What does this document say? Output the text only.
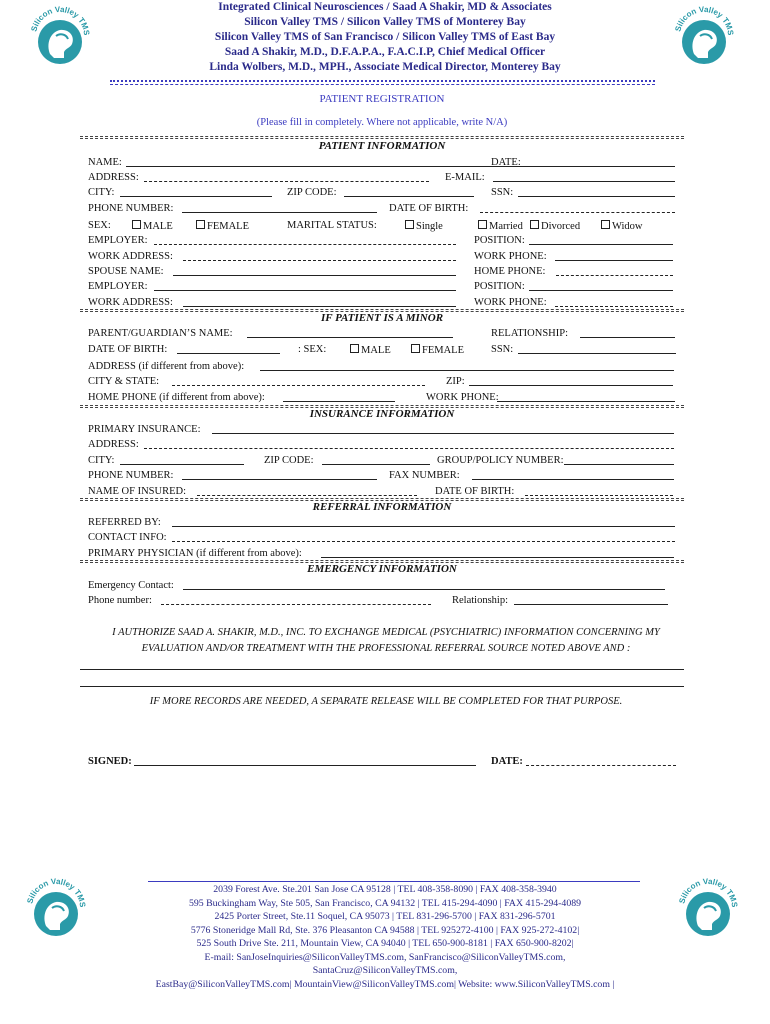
Silicon Valley TMS
Silicon Valley TMS
Silicon Valley TMS
Silicon Valley TMS
Integrated Clinical Neurosciences / Saad A Shakir, MD & Associates
Silicon Valley TMS / Silicon Valley TMS of Monterey Bay
Silicon Valley TMS of San Francisco / Silicon Valley TMS of East Bay
Saad A Shakir, M.D., D.F.A.P.A., F.A.C.I.P, Chief Medical Officer
Linda Wolbers, M.D., MPH., Associate Medical Director, Monterey Bay
PATIENT REGISTRATION
(Please fill in completely. Where not applicable, write N/A)
PATIENT INFORMATION
NAME:	DATE:
ADDRESS:	E-MAIL:
CITY:	ZIP CODE:	SSN:
PHONE NUMBER:	DATE OF BIRTH:
SEX:	MALE	FEMALE	MARITAL STATUS:	Single	Married	Divorced	Widow
EMPLOYER:	POSITION:
WORK ADDRESS:	WORK PHONE:
SPOUSE NAME:	HOME PHONE:
EMPLOYER:	POSITION:
WORK ADDRESS:	WORK PHONE:
IF PATIENT IS A MINOR
PARENT/GUARDIAN’S NAME:	RELATIONSHIP:
DATE OF BIRTH:	: SEX:	MALE	FEMALE	SSN:
ADDRESS (if different from above):
CITY & STATE:	ZIP:
HOME PHONE (if different from above):	WORK PHONE:
INSURANCE INFORMATION
PRIMARY INSURANCE:
ADDRESS:
CITY:	ZIP CODE:	GROUP/POLICY NUMBER:
PHONE NUMBER:	FAX NUMBER:
NAME OF INSURED:	DATE OF BIRTH:
REFERRAL INFORMATION
REFERRED BY:
CONTACT INFO:
PRIMARY PHYSICIAN (if different from above):
EMERGENCY INFORMATION
Emergency Contact:
Phone number:	Relationship:
I AUTHORIZE SAAD A. SHAKIR, M.D., INC. TO EXCHANGE MEDICAL (PSYCHIATRIC) INFORMATION CONCERNING MY
EVALUATION AND/OR TREATMENT WITH THE PROFESSIONAL REFERRAL SOURCE NOTED ABOVE AND :
IF MORE RECORDS ARE NEEDED, A SEPARATE RELEASE WILL BE COMPLETED FOR THAT PURPOSE.
SIGNED:	DATE:
2039 Forest Ave. Ste.201 San Jose CA 95128 | TEL 408-358-8090 | FAX 408-358-3940
595 Buckingham Way, Ste 505, San Francisco, CA 94132 | TEL 415-294-4090 | FAX 415-294-4089
2425 Porter Street, Ste.11 Soquel, CA 95073 | TEL 831-296-5700 | FAX 831-296-5701
5776 Stoneridge Mall Rd, Ste. 376 Pleasanton CA 94588 | TEL 925272-4100 | FAX 925-272-4102|
525 South Drive Ste. 211, Mountain View, CA 94040 | TEL 650-900-8181 | FAX 650-900-8202|
E-mail: SanJoseInquiries@SiliconValleyTMS.com, SanFrancisco@SiliconValleyTMS.com, SantaCruz@SiliconValleyTMS.com,
EastBay@SiliconValleyTMS.com| MountainView@SiliconValleyTMS.com| Website: www.SiliconValleyTMS.com |
